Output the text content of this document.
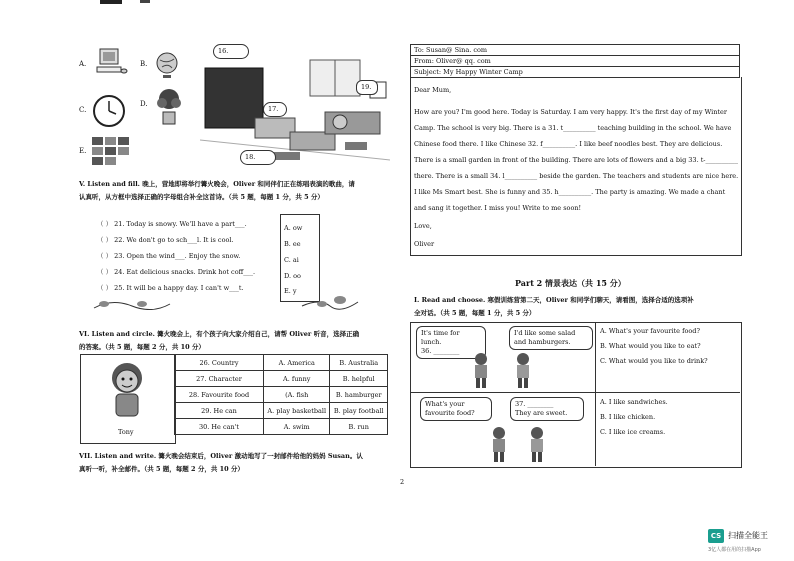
A.	B.
C.
D.
E.
16.
17.
18.
19.
V. Listen and fill. 晚上，营地即将举行篝火晚会，Oliver 和同伴们正在练唱表演的歌曲，请
认真听，从方框中选择正确的字母组合补全这首诗。（共 5 题，每题 1 分，共 5 分）
（ ） 21. Today is snowy. We'll have a part___.
（ ） 22. We don't go to sch___l. It is cool.
（ ） 23. Open the wind___. Enjoy the snow.
（ ） 24. Eat delicious snacks. Drink hot coff___.
（ ） 25. It will be a happy day. I can't w___t.
A. ow
B. ee
C. ai
D. oo
E. y
VI. Listen and circle. 篝火晚会上，有个孩子向大家介绍自己，请帮 Oliver 听音，选择正确
的答案。（共 5 题，每题 2 分，共 10 分）
Tony
26. Country	A. America	B. Australia
27. Character	A. funny	B. helpful
28. Favourite food	(A. fish	B. hamburger
29. He can	A. play basketball	B. play football
30. He can't	A. swim	B. run
VII. Listen and write. 篝火晚会结束后，Oliver 激动地写了一封邮件给他的妈妈 Susan。认
真听一听，补全邮件。（共 5 题，每题 2 分，共 10 分）
2
To: Susan@ Sina. com
From: Oliver@ qq. com
Subject: My Happy Winter Camp
Dear Mum,
How are you? I'm good here. Today is Saturday. I am very happy. It's the first day of my Winter
Camp. The school is very big. There is a 31. t__________ teaching building in the school. We have
Chinese food there. I like Chinese 32. f__________. I like beef noodles best. They are delicious.
There is a small garden in front of the building. There are lots of flowers and a big 33. t-__________
there. There is a small 34. l__________ beside the garden. The teachers and students are nice here.
I like Ms Smart best. She is funny and 35. h__________. The party is amazing. We made a chant
and sang it together. I miss you! Write to me soon!
Love,
Oliver
Part 2 情景表达（共 15 分）
I. Read and choose. 寒假训练营第二天，Oliver 和同学们聊天，请看图，选择合适的选项补
全对话。（共 5 题，每题 1 分，共 5 分）
It's time for lunch.
36. ________
I'd like some salad
and hamburgers.
A. What's your favourite food?
B. What would you like to eat?
C. What would you like to drink?
What's your
favourite food?
37. ________
They are sweet.
A. I like sandwiches.
B. I like chicken.
C. I like ice creams.
CS 扫描全能王
3亿人都在用的扫描App
